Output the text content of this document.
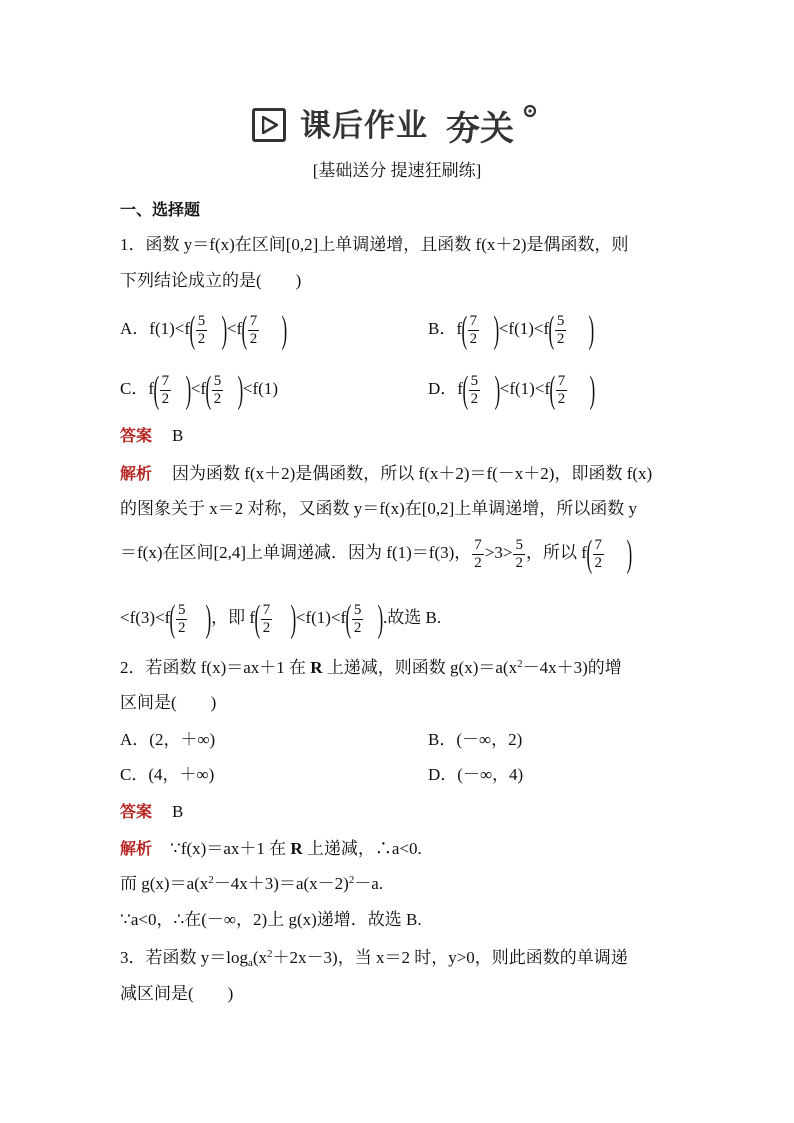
课后作业 夯关
[基础送分 提速狂刷练]
一、选择题
1．函数 y＝f(x)在区间[0,2]上单调递增，且函数 f(x＋2)是偶函数，则
下列结论成立的是(　　)
A．$f(1)<f( \frac{5}{2} )<f( \frac{7}{2}$ )	B．$f( \frac{7}{2} )<f(1)<f( \frac{5}{2}$ )
C．$f( \frac{7}{2} )<f( \frac{5}{2} )<f(1)$	D．$f( \frac{5}{2} )<f(1)<f( \frac{7}{2}$ )
答案 B
解析 因为函数 f(x＋2)是偶函数，所以 f(x＋2)＝f(－x＋2)，即函数 f(x)
的图象关于 x＝2 对称，又函数 y＝f(x)在[0,2]上单调递增，所以函数 y
＝f(x)在区间[2,4]上单调递减．因为 f(1)＝f(3)， $\frac{7}{2} >3> \frac{5}{2}$ ，所以 $f( \frac{7}{2}$ )
$<f(3)<f( \frac{5}{2}$ )，即 $f( \frac{7}{2} )<f(1)<f( \frac{5}{2}$ ).故选 B.
2．若函数 f(x)＝ax＋1 在 R 上递减，则函数 $g(x)=a(x^2-4x+3)$的增
区间是(　　)
A．(2，＋∞)	B．(－∞，2)
C．(4，＋∞)	D．(－∞，4)
答案 B
解析 ∵f(x)＝ax＋1 在 R 上递减，∴a<0.
而 $g(x)=a(x^2-4x+3)=a(x-2)^2-a$.
∵a<0，∴在(－∞，2)上 g(x)递增．故选 B.
3．若函数 $y=\log_a(x^2+2x-3)$，当 x＝2 时，y>0，则此函数的单调递
减区间是(　　)
